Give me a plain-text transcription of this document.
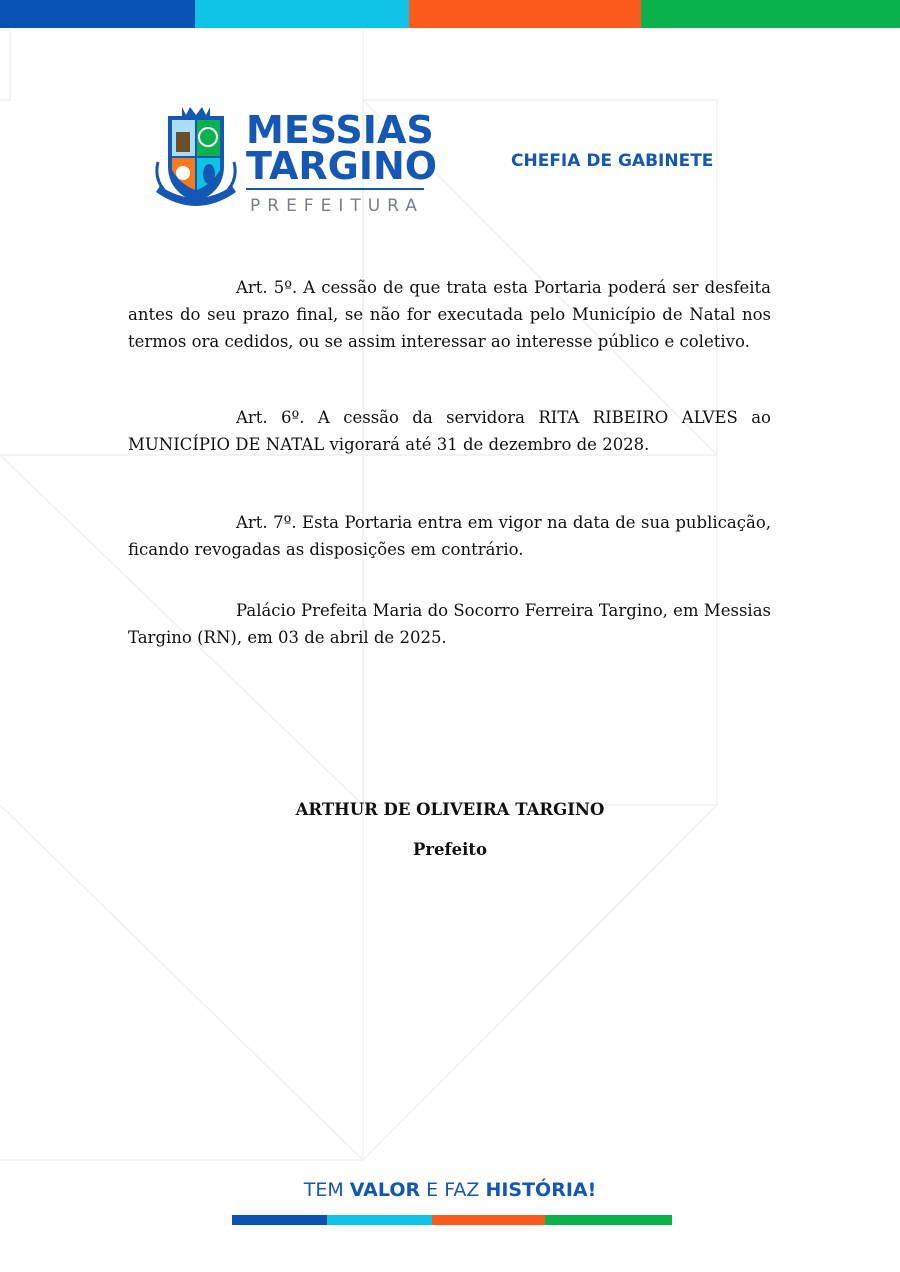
MESSIAS
TARGINO
PREFEITURA
CHEFIA DE GABINETE

Art. 5º. A cessão de que trata esta Portaria poderá ser desfeita antes do seu prazo final, se não for executada pelo Município de Natal nos termos ora cedidos, ou se assim interessar ao interesse público e coletivo.

Art. 6º. A cessão da servidora RITA RIBEIRO ALVES ao MUNICÍPIO DE NATAL vigorará até 31 de dezembro de 2028.

Art. 7º. Esta Portaria entra em vigor na data de sua publicação, ficando revogadas as disposições em contrário.

Palácio Prefeita Maria do Socorro Ferreira Targino, em Messias Targino (RN), em 03 de abril de 2025.

ARTHUR DE OLIVEIRA TARGINO
Prefeito
TEM VALOR E FAZ HISTÓRIA!
